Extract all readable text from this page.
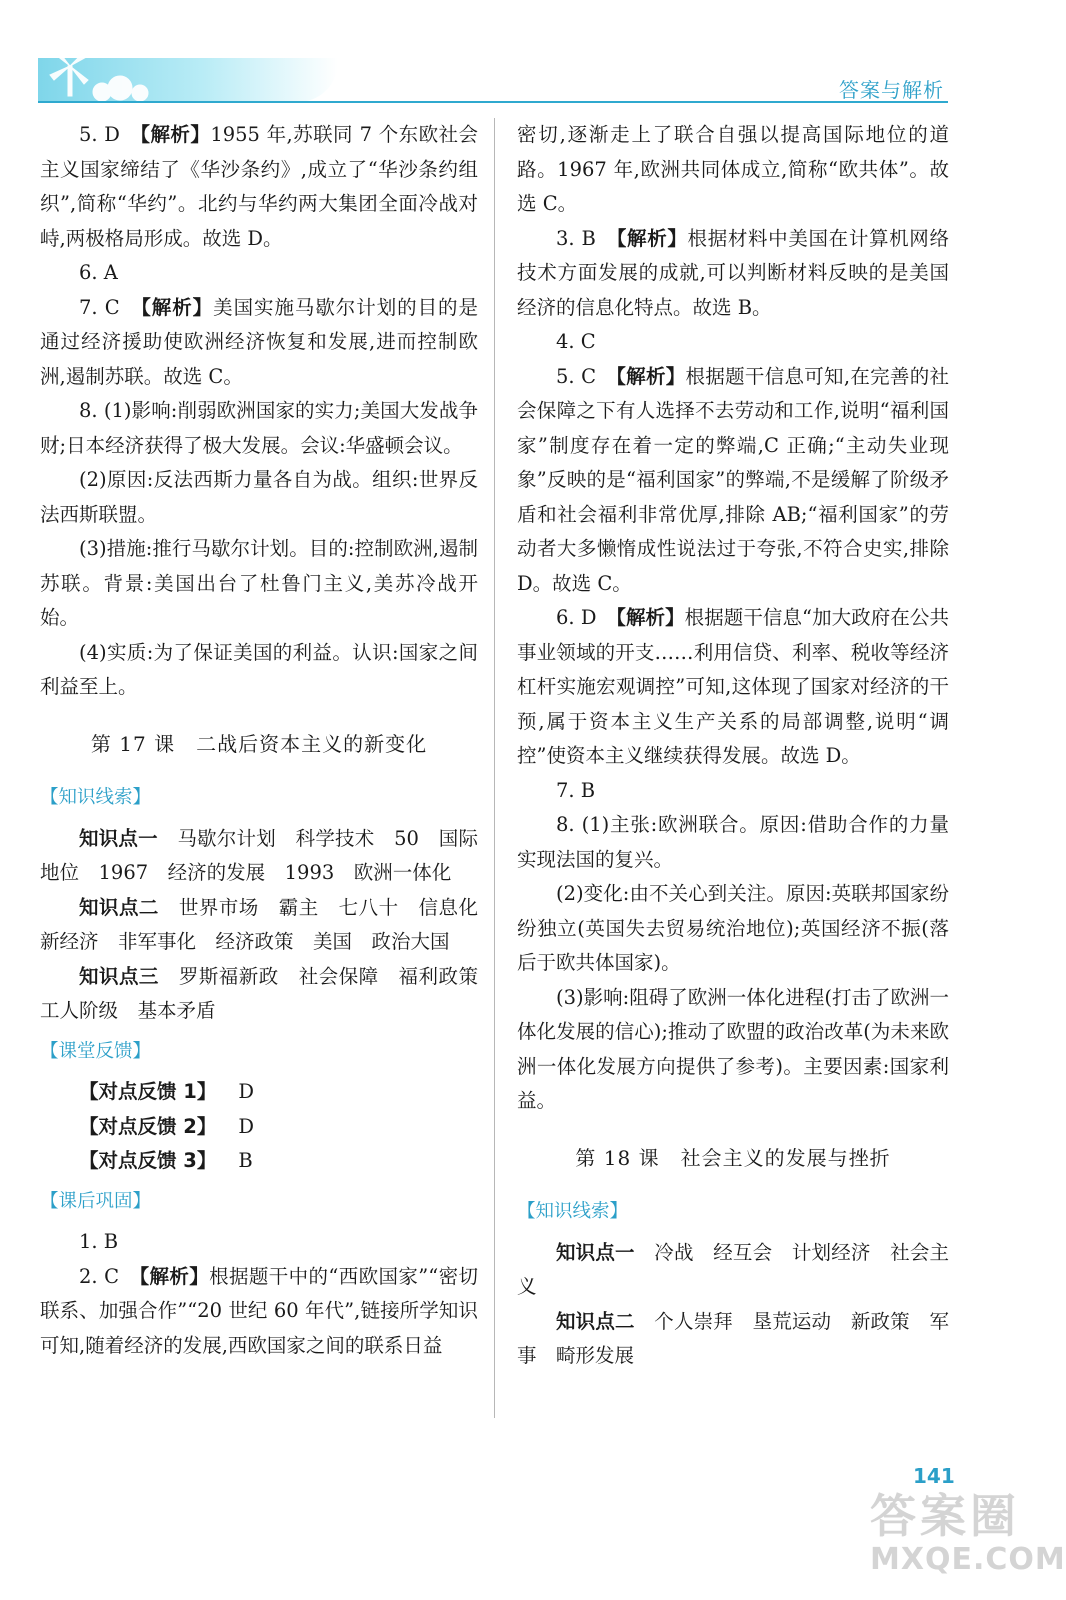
答案与解析

5. D　 【解析】1955 年,苏联同 7 个东欧社会主义国家缔结了《华沙条约》,成立了“华沙条约组织”,简称“华约”。北约与华约两大集团全面冷战对峙,两极格局形成。故选 D。

6. A

7. C　 【解析】美国实施马歇尔计划的目的是通过经济援助使欧洲经济恢复和发展,进而控制欧洲,遏制苏联。故选 C。

8. (1)影响:削弱欧洲国家的实力;美国大发战争财;日本经济获得了极大发展。会议:华盛顿会议。

(2)原因:反法西斯力量各自为战。组织:世界反法西斯联盟。

(3)措施:推行马歇尔计划。目的:控制欧洲,遏制苏联。背景:美国出台了杜鲁门主义,美苏冷战开始。

(4)实质:为了保证美国的利益。认识:国家之间利益至上。

第 17 课　二战后资本主义的新变化
【知识线索】

知识点一　马歇尔计划　科学技术　50　国际地位　1967　经济的发展　1993　欧洲一体化

知识点二　世界市场　霸主　七八十　信息化　新经济　非军事化　经济政策　美国　政治大国

知识点三　罗斯福新政　社会保障　福利政策　工人阶级　基本矛盾

【课堂反馈】
【对点反馈 1】 D
【对点反馈 2】 D
【对点反馈 3】 B
【课后巩固】

1. B

2. C　 【解析】根据题干中的“西欧国家”“密切联系、加强合作”“20 世纪 60 年代”,链接所学知识可知,随着经济的发展,西欧国家之间的联系日益

密切,逐渐走上了联合自强以提高国际地位的道路。1967 年,欧洲共同体成立,简称“欧共体”。故选 C。

3. B　 【解析】根据材料中美国在计算机网络技术方面发展的成就,可以判断材料反映的是美国经济的信息化特点。故选 B。

4. C

5. C　 【解析】根据题干信息可知,在完善的社会保障之下有人选择不去劳动和工作,说明“福利国家”制度存在着一定的弊端,C 正确;“主动失业现象”反映的是“福利国家”的弊端,不是缓解了阶级矛盾和社会福利非常优厚,排除 AB;“福利国家”的劳动者大多懒惰成性说法过于夸张,不符合史实,排除 D。故选 C。

6. D　 【解析】根据题干信息“加大政府在公共事业领域的开支……利用信贷、利率、税收等经济杠杆实施宏观调控”可知,这体现了国家对经济的干预,属于资本主义生产关系的局部调整,说明“调控”使资本主义继续获得发展。故选 D。

7. B

8. (1)主张:欧洲联合。原因:借助合作的力量实现法国的复兴。

(2)变化:由不关心到关注。原因:英联邦国家纷纷独立(英国失去贸易统治地位);英国经济不振(落后于欧共体国家)。

(3)影响:阻碍了欧洲一体化进程(打击了欧洲一体化发展的信心);推动了欧盟的政治改革(为未来欧洲一体化发展方向提供了参考)。主要因素:国家利益。

第 18 课　社会主义的发展与挫折
【知识线索】

知识点一　冷战　经互会　计划经济　社会主义

知识点二　个人崇拜　垦荒运动　新政策　军事　畸形发展

141
答案圈
MXQE.COM
